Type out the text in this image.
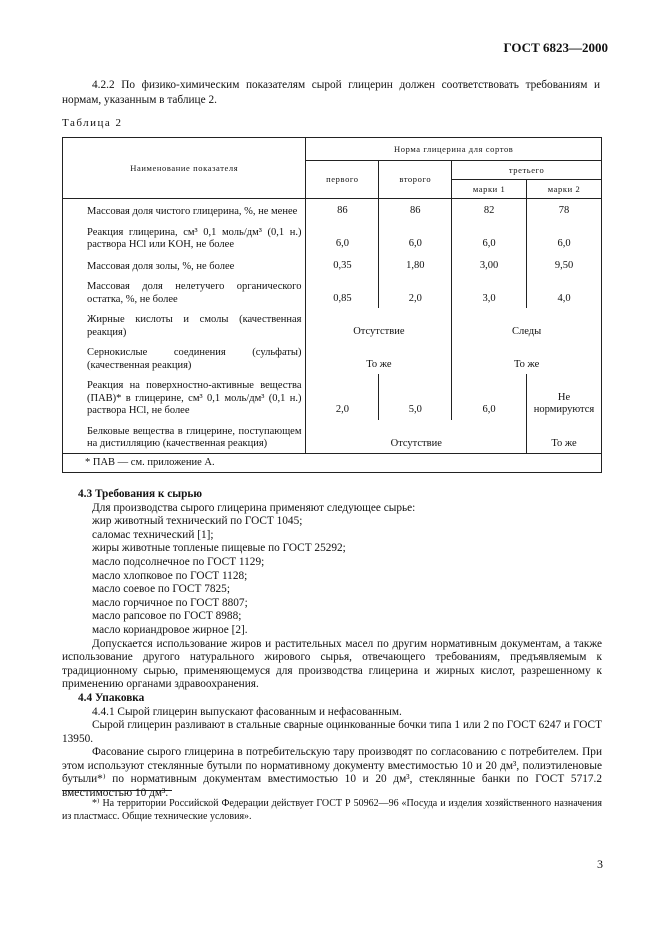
ГОСТ 6823—2000
4.2.2 По физико-химическим показателям сырой глицерин должен соответствовать требованиям и нормам, указанным в таблице 2.
Таблица 2
Наименование показателя	Норма глицерина для сортов			
	первого	второго	третьего	
			марки 1	марки 2
Массовая доля чистого глицерина, %, не менее	86	86	82	78
Реакция глицерина, см³ 0,1 моль/дм³ (0,1 н.) раствора HCl или KOH, не более	6,0	6,0	6,0	6,0
Массовая доля золы, %, не более	0,35	1,80	3,00	9,50
Массовая доля нелетучего органического остатка, %, не более	0,85	2,0	3,0	4,0
Жирные кислоты и смолы (качественная реакция)	Отсутствие		Следы	
Сернокислые соединения (сульфаты) (качественная реакция)	То же		То же	
Реакция на поверхностно-активные вещества (ПАВ)* в глицерине, см³ 0,1 моль/дм³ (0,1 н.) раствора HCl, не более	2,0	5,0	6,0	Не нормируются
Белковые вещества в глицерине, поступающем на дистилляцию (качественная реакция)	Отсутствие			То же
* ПАВ — см. приложение А.				
4.3 Требования к сырью
Для производства сырого глицерина применяют следующее сырье:
жир животный технический по ГОСТ 1045;
саломас технический [1];
жиры животные топленые пищевые по ГОСТ 25292;
масло подсолнечное по ГОСТ 1129;
масло хлопковое по ГОСТ 1128;
масло соевое по ГОСТ 7825;
масло горчичное по ГОСТ 8807;
масло рапсовое по ГОСТ 8988;
масло кориандровое жирное [2].
Допускается использование жиров и растительных масел по другим нормативным документам, а также использование другого натурального жирового сырья, отвечающего требованиям, предъявляемым к традиционному сырью, применяющемуся для производства глицерина и жирных кислот, разрешенному к применению органами здравоохранения.
4.4 Упаковка
4.4.1 Сырой глицерин выпускают фасованным и нефасованным.
Сырой глицерин разливают в стальные сварные оцинкованные бочки типа 1 или 2 по ГОСТ 6247 и ГОСТ 13950.
Фасование сырого глицерина в потребительскую тару производят по согласованию с потребителем. При этом используют стеклянные бутыли по нормативному документу вместимостью 10 и 20 дм³, полиэтиленовые бутыли*⁾ по нормативным документам вместимостью 10 и 20 дм³, стеклянные банки по ГОСТ 5717.2 вместимостью 10 дм³.
*⁾ На территории Российской Федерации действует ГОСТ Р 50962—96 «Посуда и изделия хозяйственного назначения из пластмасс. Общие технические условия».
3
